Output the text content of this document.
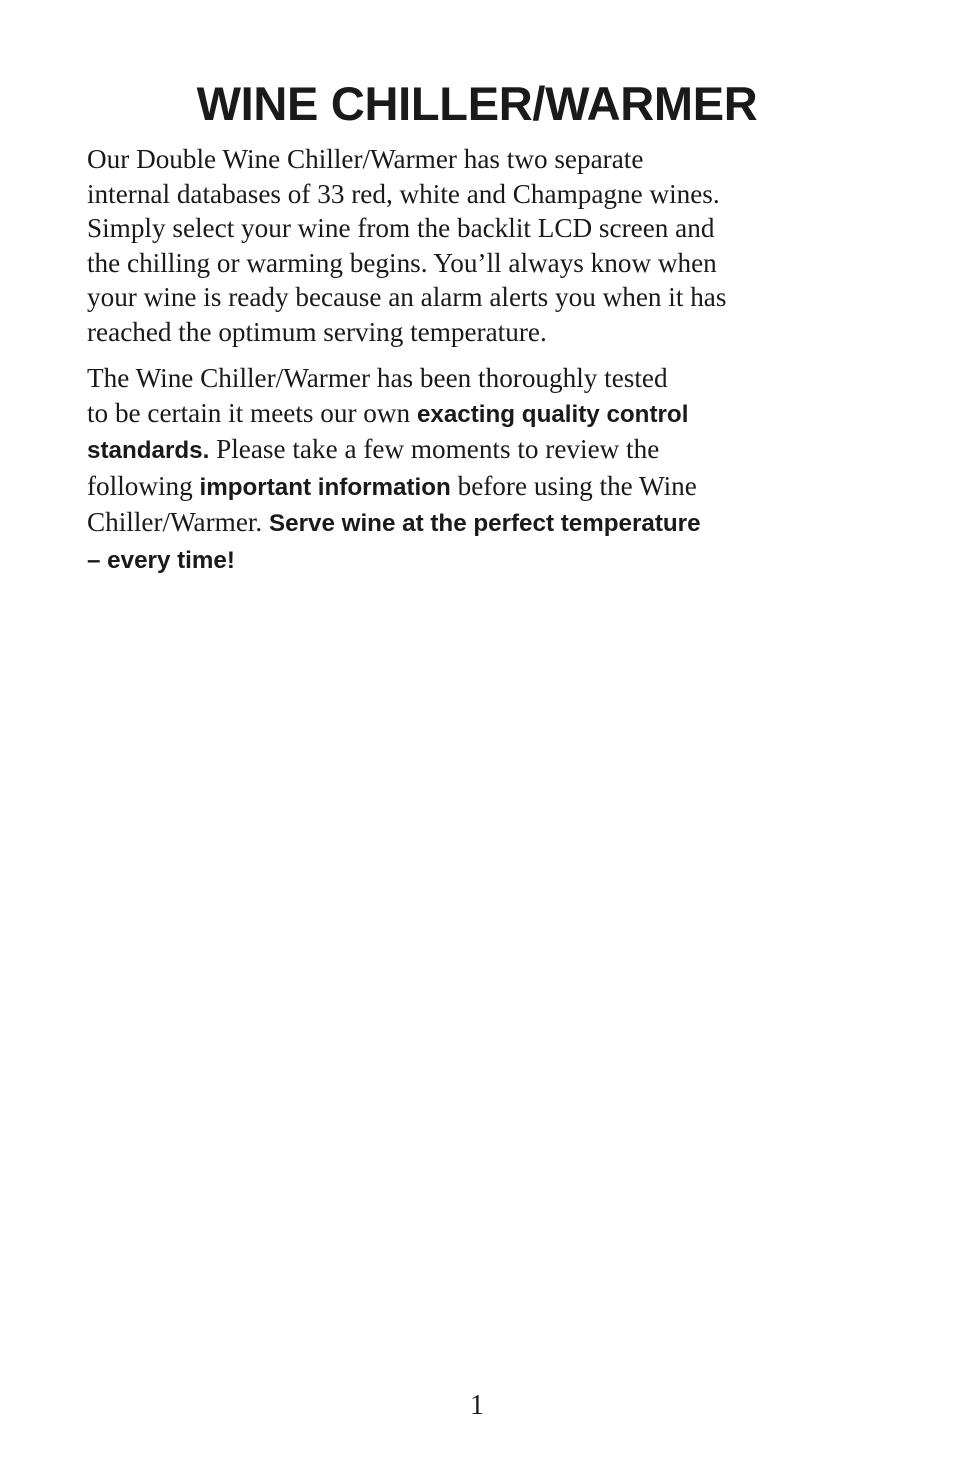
WINE CHILLER/WARMER

Our Double Wine Chiller/Warmer has two separate
internal databases of 33 red, white and Champagne wines.
Simply select your wine from the backlit LCD screen and
the chilling or warming begins. You’ll always know when
your wine is ready because an alarm alerts you when it has
reached the optimum serving temperature.

The Wine Chiller/Warmer has been thoroughly tested
to be certain it meets our own exacting quality control
standards. Please take a few moments to review the
following important information before using the Wine
Chiller/Warmer. Serve wine at the perfect temperature
– every time!

1
